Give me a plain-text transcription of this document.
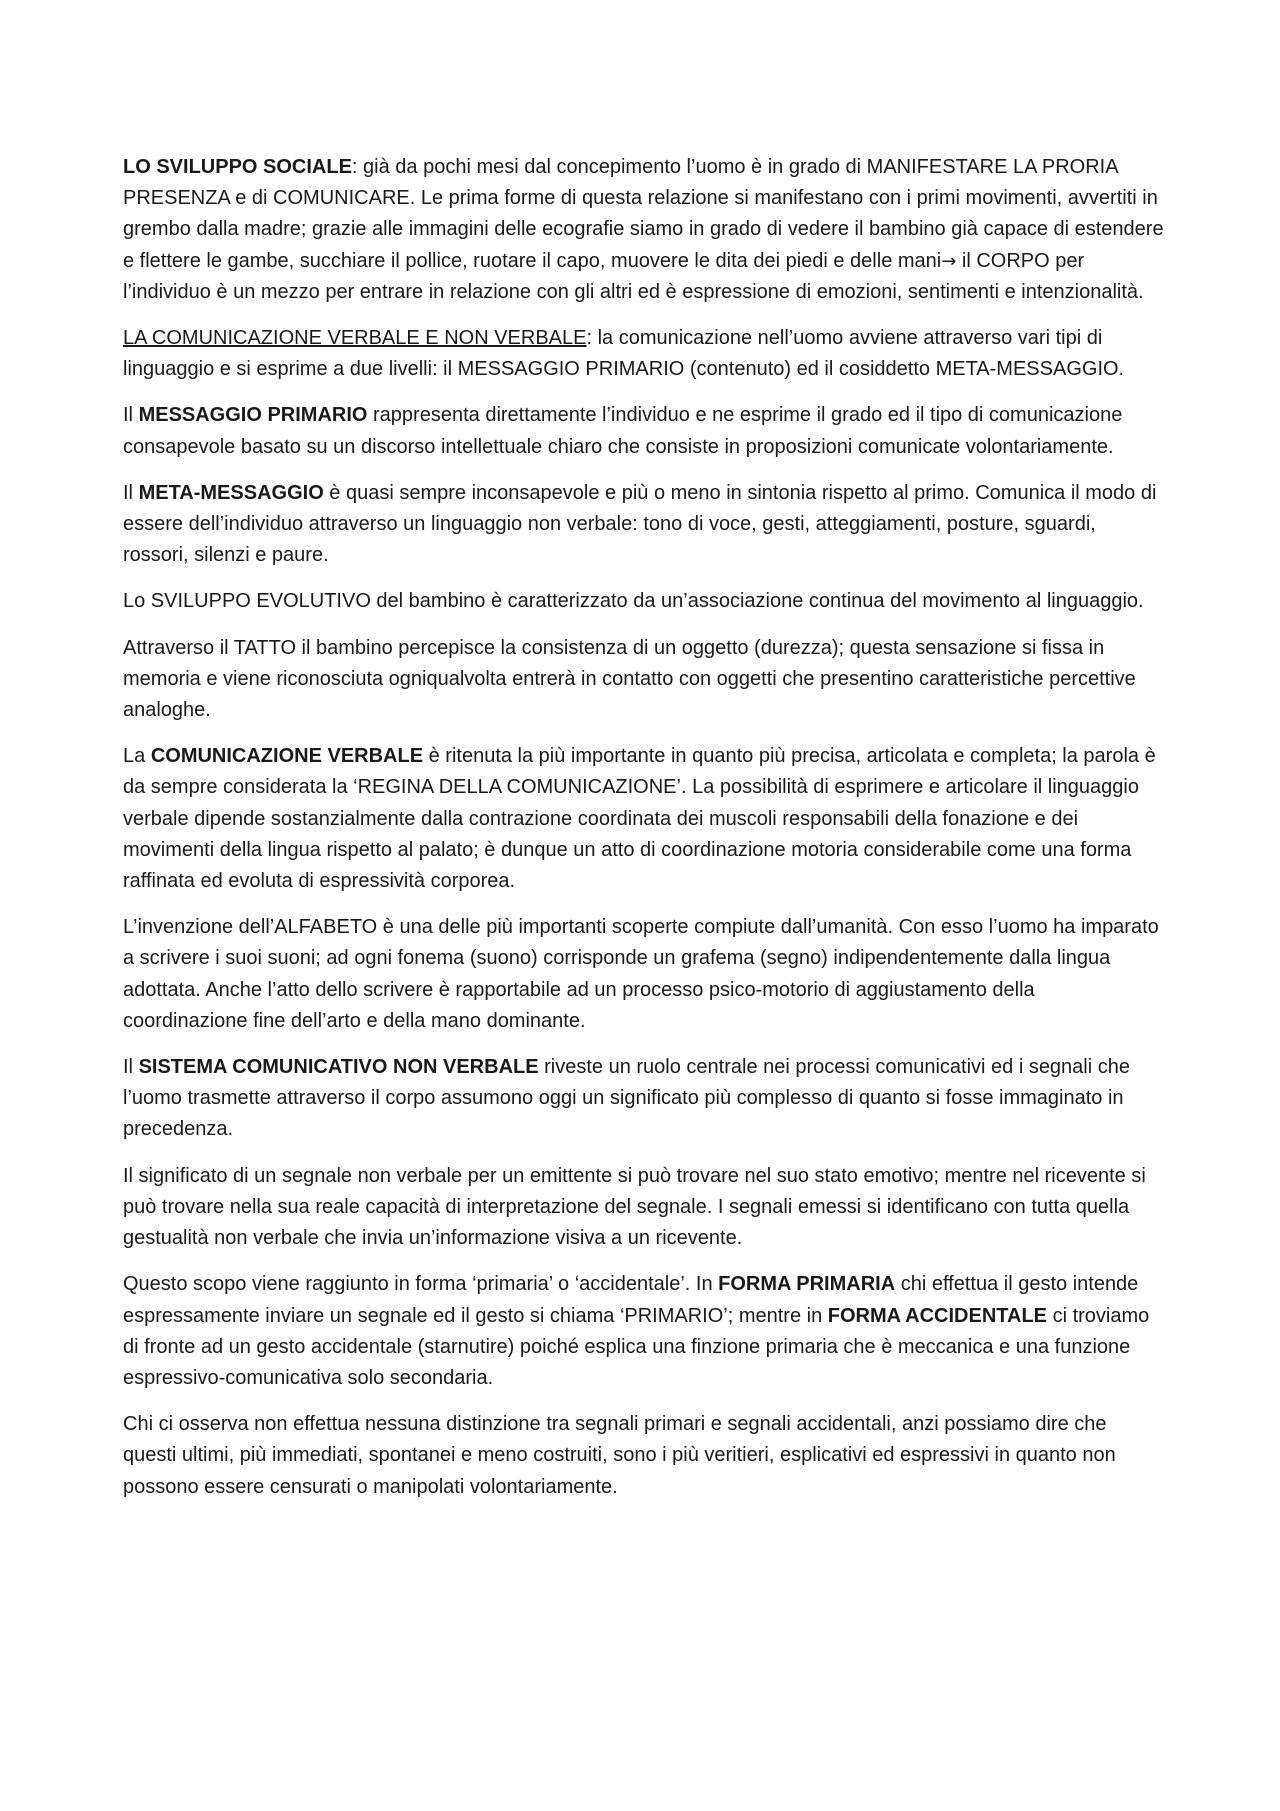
LO SVILUPPO SOCIALE: già da pochi mesi dal concepimento l’uomo è in grado di MANIFESTARE LA PRORIA PRESENZA e di COMUNICARE. Le prima forme di questa relazione si manifestano con i primi movimenti, avvertiti in grembo dalla madre; grazie alle immagini delle ecografie siamo in grado di vedere il bambino già capace di estendere e flettere le gambe, succhiare il pollice, ruotare il capo, muovere le dita dei piedi e delle mani→ il CORPO per l’individuo è un mezzo per entrare in relazione con gli altri ed è espressione di emozioni, sentimenti e intenzionalità.

LA COMUNICAZIONE VERBALE E NON VERBALE: la comunicazione nell’uomo avviene attraverso vari tipi di linguaggio e si esprime a due livelli: il MESSAGGIO PRIMARIO (contenuto) ed il cosiddetto META-MESSAGGIO.

Il MESSAGGIO PRIMARIO rappresenta direttamente l’individuo e ne esprime il grado ed il tipo di comunicazione consapevole basato su un discorso intellettuale chiaro che consiste in proposizioni comunicate volontariamente.

Il META-MESSAGGIO è quasi sempre inconsapevole e più o meno in sintonia rispetto al primo. Comunica il modo di essere dell’individuo attraverso un linguaggio non verbale: tono di voce, gesti, atteggiamenti, posture, sguardi, rossori, silenzi e paure.

Lo SVILUPPO EVOLUTIVO del bambino è caratterizzato da un’associazione continua del movimento al linguaggio.

Attraverso il TATTO il bambino percepisce la consistenza di un oggetto (durezza); questa sensazione si fissa in memoria e viene riconosciuta ogniqualvolta entrerà in contatto con oggetti che presentino caratteristiche percettive analoghe.

La COMUNICAZIONE VERBALE è ritenuta la più importante in quanto più precisa, articolata e completa; la parola è da sempre considerata la ‘REGINA DELLA COMUNICAZIONE’. La possibilità di esprimere e articolare il linguaggio verbale dipende sostanzialmente dalla contrazione coordinata dei muscoli responsabili della fonazione e dei movimenti della lingua rispetto al palato; è dunque un atto di coordinazione motoria considerabile come una forma raffinata ed evoluta di espressività corporea.

L’invenzione dell’ALFABETO è una delle più importanti scoperte compiute dall’umanità. Con esso l’uomo ha imparato a scrivere i suoi suoni; ad ogni fonema (suono) corrisponde un grafema (segno) indipendentemente dalla lingua adottata. Anche l’atto dello scrivere è rapportabile ad un processo psico-motorio di aggiustamento della coordinazione fine dell’arto e della mano dominante.

Il SISTEMA COMUNICATIVO NON VERBALE riveste un ruolo centrale nei processi comunicativi ed i segnali che l’uomo trasmette attraverso il corpo assumono oggi un significato più complesso di quanto si fosse immaginato in precedenza.

Il significato di un segnale non verbale per un emittente si può trovare nel suo stato emotivo; mentre nel ricevente si può trovare nella sua reale capacità di interpretazione del segnale. I segnali emessi si identificano con tutta quella gestualità non verbale che invia un’informazione visiva a un ricevente.

Questo scopo viene raggiunto in forma ‘primaria’ o ‘accidentale’. In FORMA PRIMARIA chi effettua il gesto intende espressamente inviare un segnale ed il gesto si chiama ‘PRIMARIO’; mentre in FORMA ACCIDENTALE ci troviamo di fronte ad un gesto accidentale (starnutire) poiché esplica una finzione primaria che è meccanica e una funzione espressivo-comunicativa solo secondaria.

Chi ci osserva non effettua nessuna distinzione tra segnali primari e segnali accidentali, anzi possiamo dire che questi ultimi, più immediati, spontanei e meno costruiti, sono i più veritieri, esplicativi ed espressivi in quanto non possono essere censurati o manipolati volontariamente.
